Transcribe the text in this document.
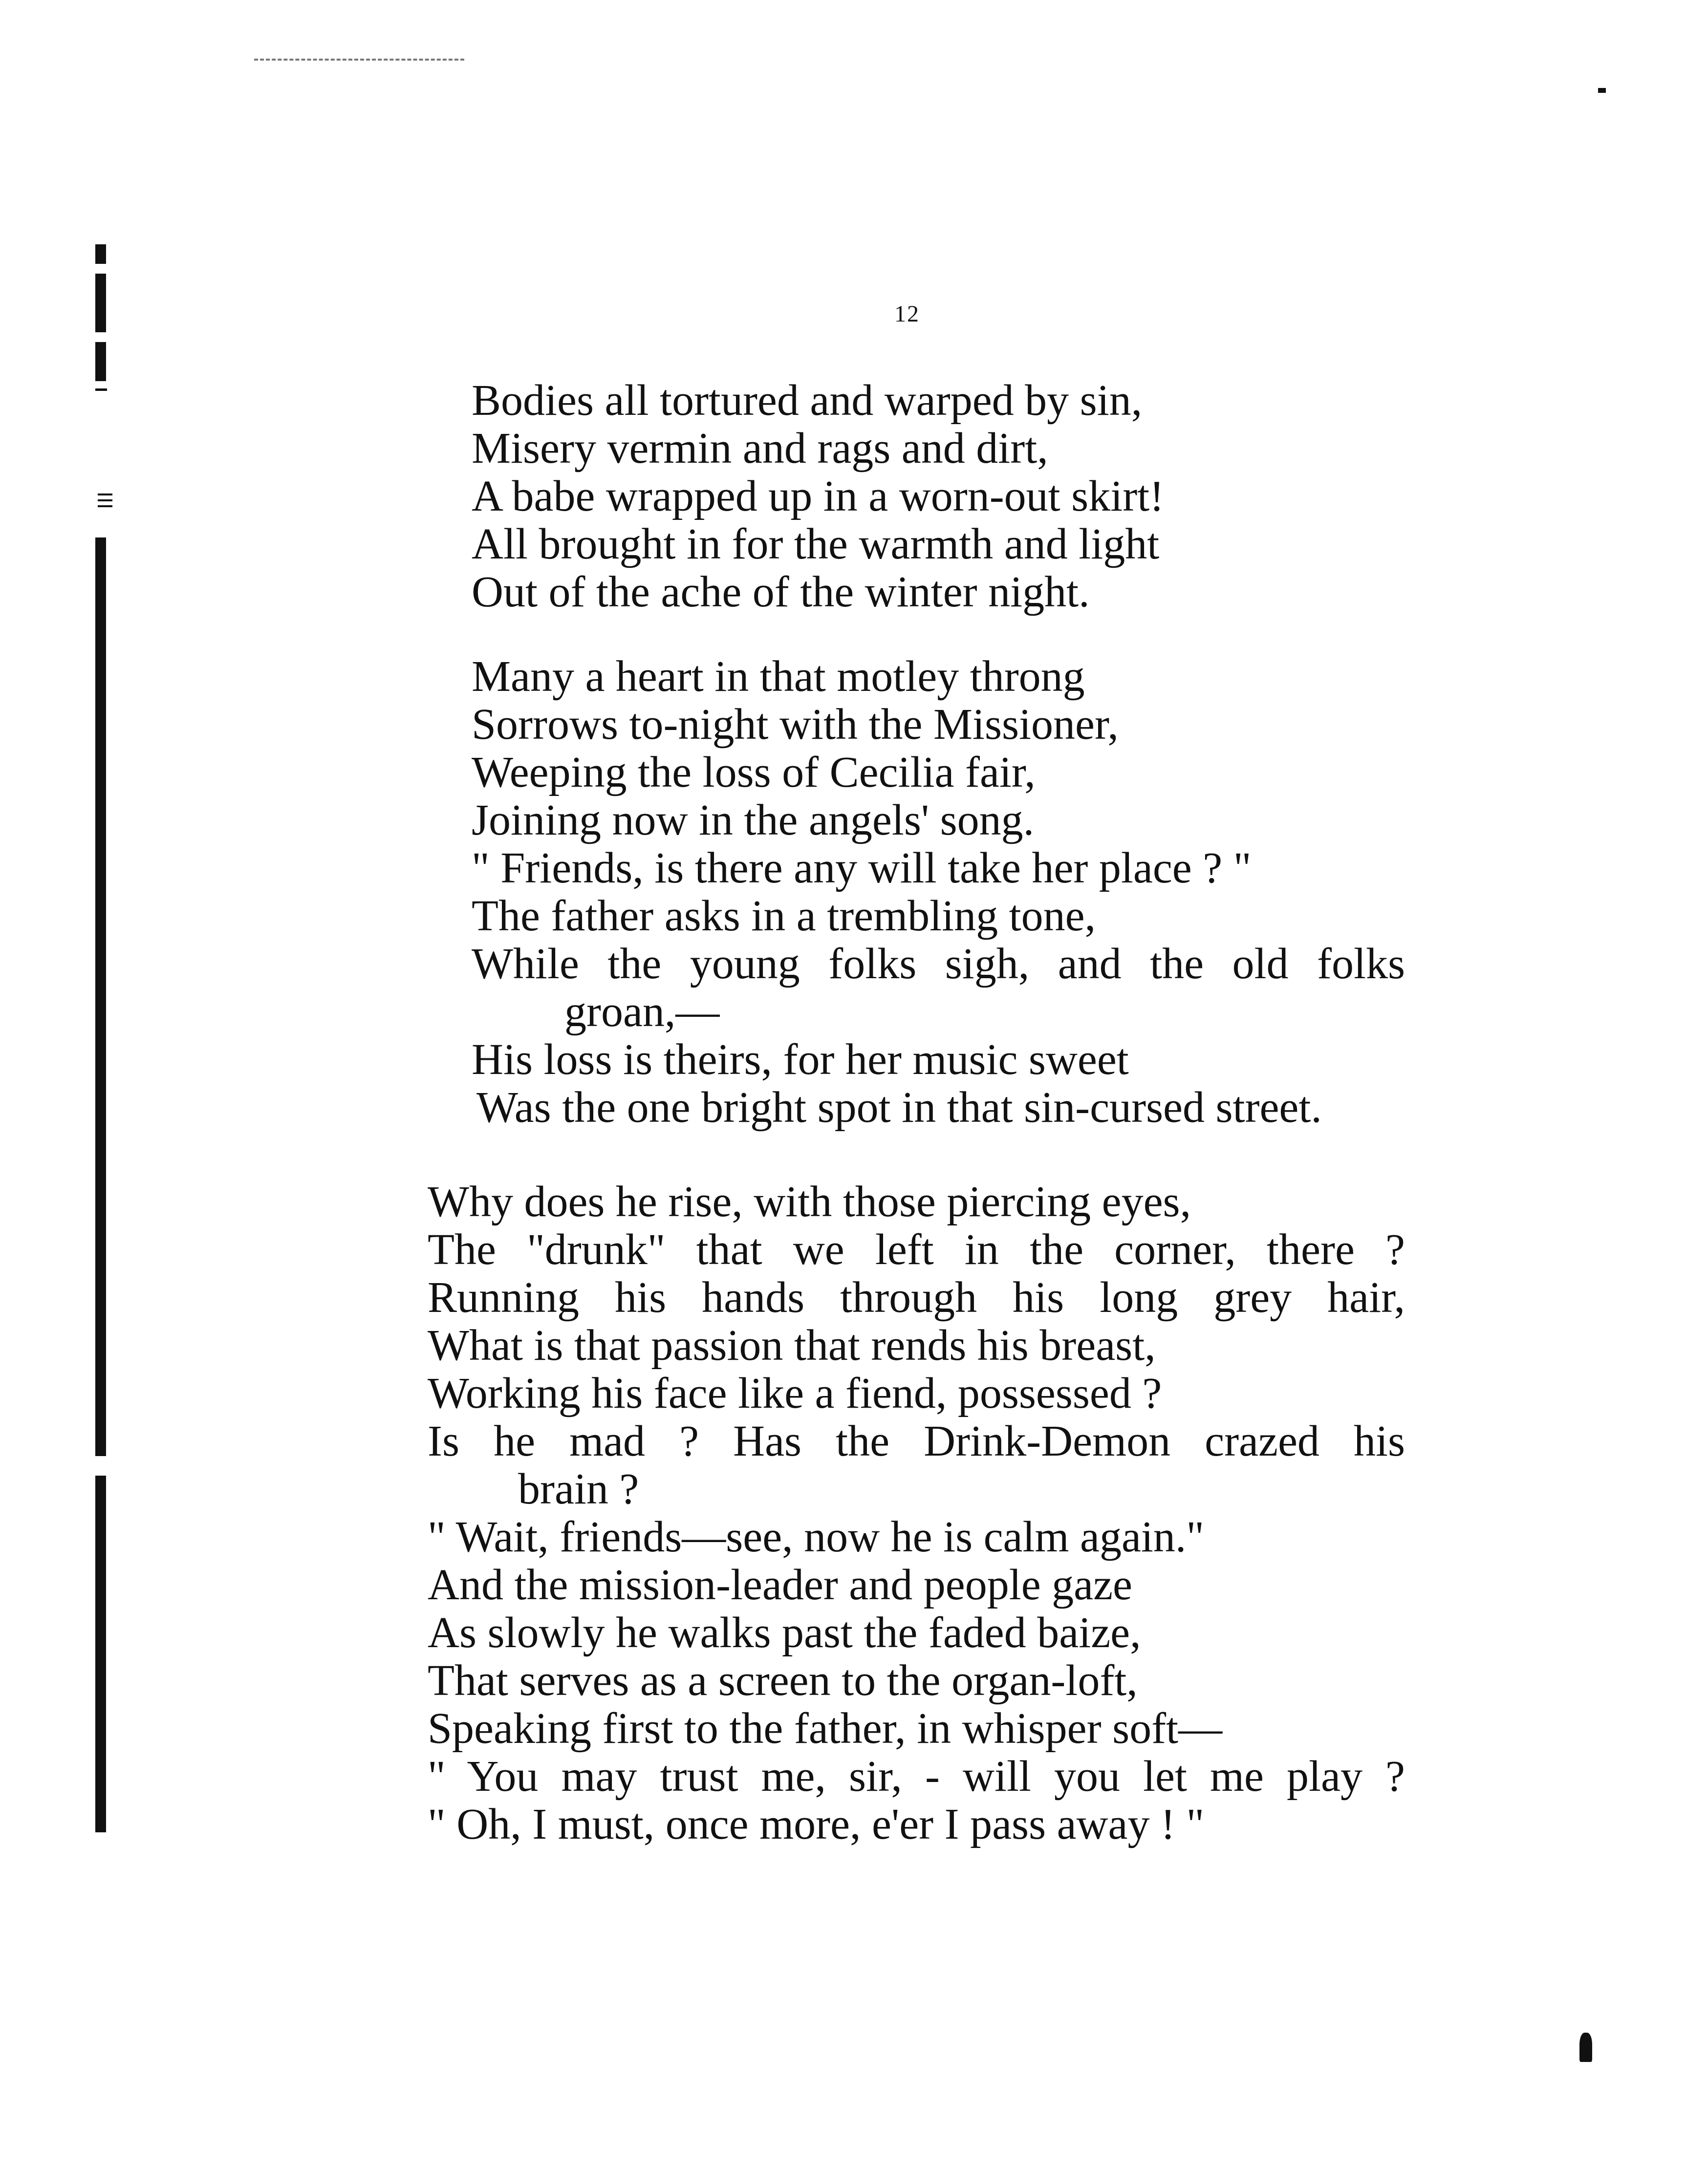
12
Bodies all tortured and warped by sin,
Misery vermin and rags and dirt,
A babe wrapped up in a worn-out skirt!
All brought in for the warmth and light
Out of the ache of the winter night.
Many a heart in that motley throng
Sorrows to-night with the Missioner,
Weeping the loss of Cecilia fair,
Joining now in the angels' song.
" Friends, is there any will take her place ? "
The father asks in a trembling tone,
While the young folks sigh, and the old folks
groan,—
His loss is theirs, for her music sweet
Was the one bright spot in that sin-cursed street.
Why does he rise, with those piercing eyes,
The "drunk" that we left in the corner, there ?
Running his hands through his long grey hair,
What is that passion that rends his breast,
Working his face like a fiend, possessed ?
Is he mad ? Has the Drink-Demon crazed his
brain ?
" Wait, friends—see, now he is calm again."
And the mission-leader and people gaze
As slowly he walks past the faded baize,
That serves as a screen to the organ-loft,
Speaking first to the father, in whisper soft—
" You may trust me, sir, - will you let me play ?
" Oh, I must, once more, e'er I pass away ! "
